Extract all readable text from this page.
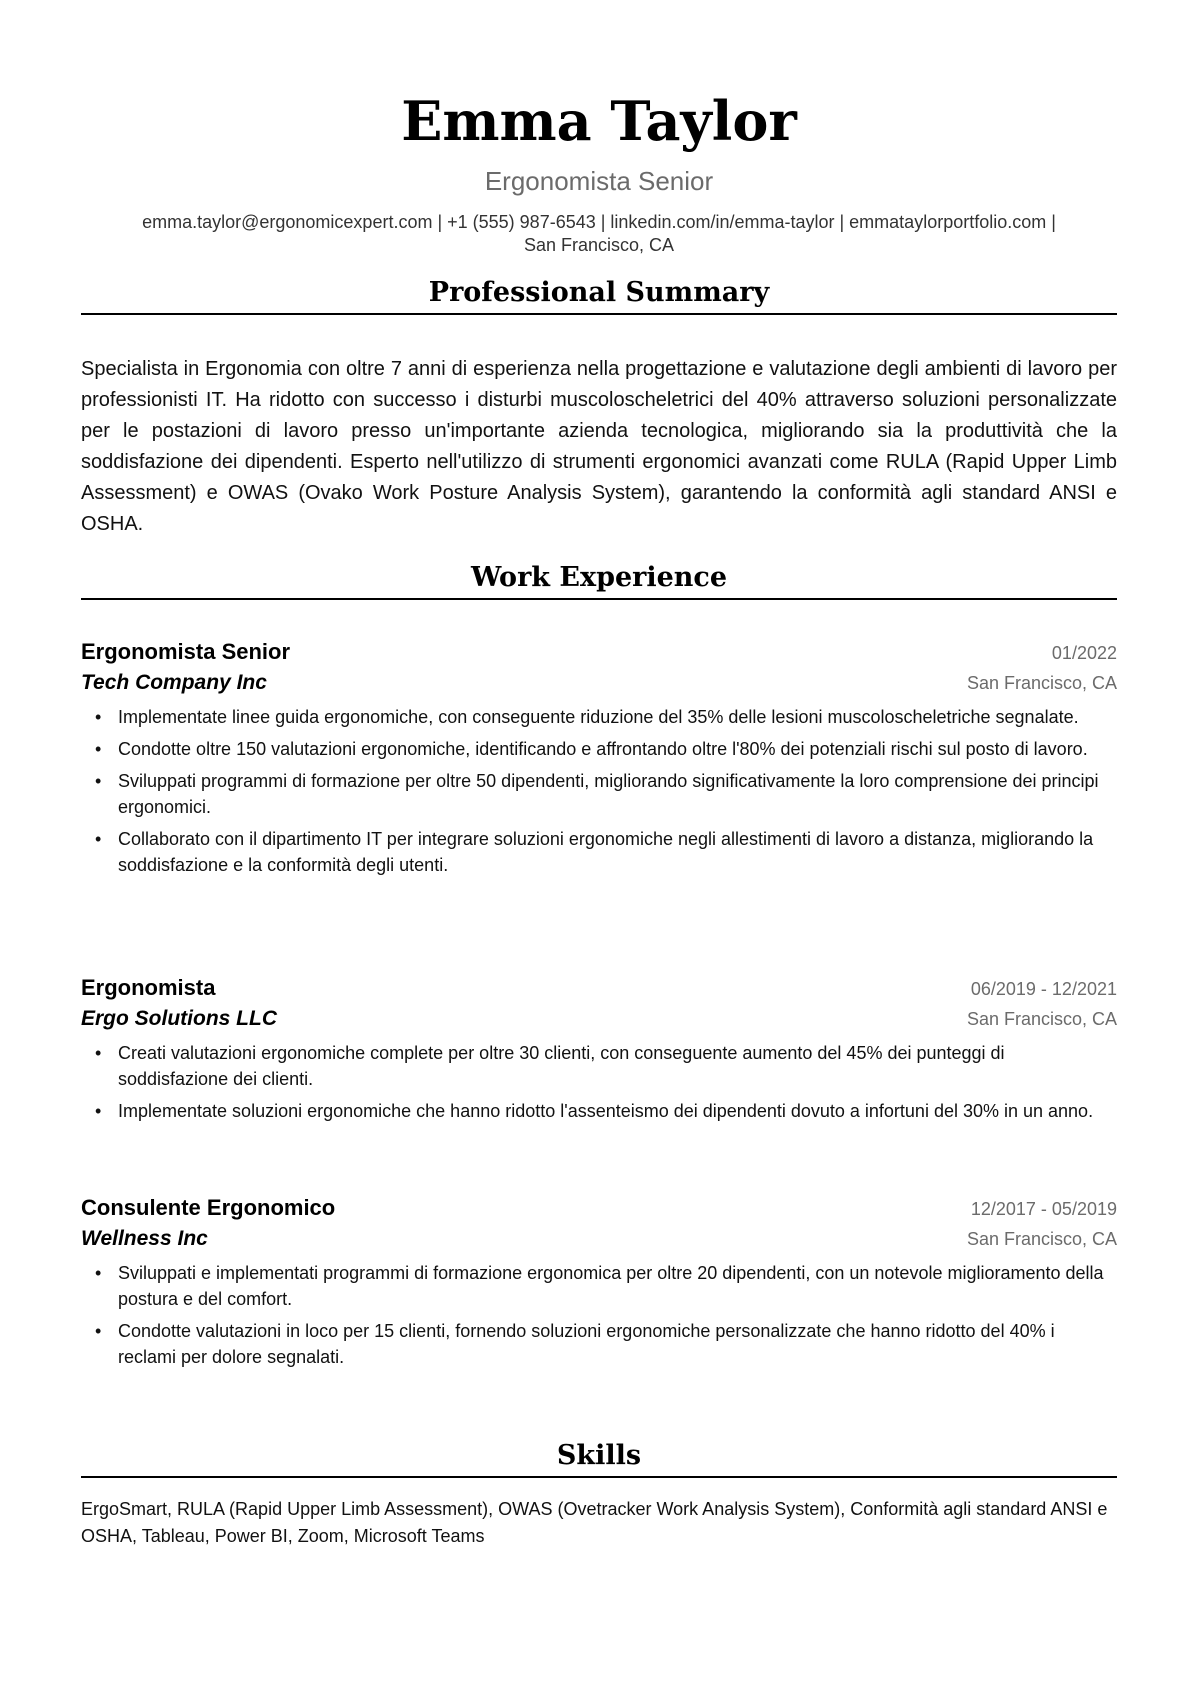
Emma Taylor
Ergonomista Senior
emma.taylor@ergonomicexpert.com | +1 (555) 987-6543 | linkedin.com/in/emma-taylor | emmataylorportfolio.com |
San Francisco, CA
Professional Summary
Specialista in Ergonomia con oltre 7 anni di esperienza nella progettazione e valutazione degli ambienti di lavoro per professionisti IT. Ha ridotto con successo i disturbi muscoloscheletrici del 40% attraverso soluzioni personalizzate per le postazioni di lavoro presso un'importante azienda tecnologica, migliorando sia la produttività che la soddisfazione dei dipendenti. Esperto nell'utilizzo di strumenti ergonomici avanzati come RULA (Rapid Upper Limb Assessment) e OWAS (Ovako Work Posture Analysis System), garantendo la conformità agli standard ANSI e OSHA.
Work Experience
Ergonomista Senior	01/2022
Tech Company Inc	San Francisco, CA
• Implementate linee guida ergonomiche, con conseguente riduzione del 35% delle lesioni muscoloscheletriche segnalate.
• Condotte oltre 150 valutazioni ergonomiche, identificando e affrontando oltre l'80% dei potenziali rischi sul posto di lavoro.
• Sviluppati programmi di formazione per oltre 50 dipendenti, migliorando significativamente la loro comprensione dei principi ergonomici.
• Collaborato con il dipartimento IT per integrare soluzioni ergonomiche negli allestimenti di lavoro a distanza, migliorando la soddisfazione e la conformità degli utenti.
Ergonomista	06/2019 - 12/2021
Ergo Solutions LLC	San Francisco, CA
• Creati valutazioni ergonomiche complete per oltre 30 clienti, con conseguente aumento del 45% dei punteggi di soddisfazione dei clienti.
• Implementate soluzioni ergonomiche che hanno ridotto l'assenteismo dei dipendenti dovuto a infortuni del 30% in un anno.
Consulente Ergonomico	12/2017 - 05/2019
Wellness Inc	San Francisco, CA
• Sviluppati e implementati programmi di formazione ergonomica per oltre 20 dipendenti, con un notevole miglioramento della postura e del comfort.
• Condotte valutazioni in loco per 15 clienti, fornendo soluzioni ergonomiche personalizzate che hanno ridotto del 40% i reclami per dolore segnalati.
Skills
ErgoSmart, RULA (Rapid Upper Limb Assessment), OWAS (Ovetracker Work Analysis System), Conformità agli standard ANSI e OSHA, Tableau, Power BI, Zoom, Microsoft Teams
